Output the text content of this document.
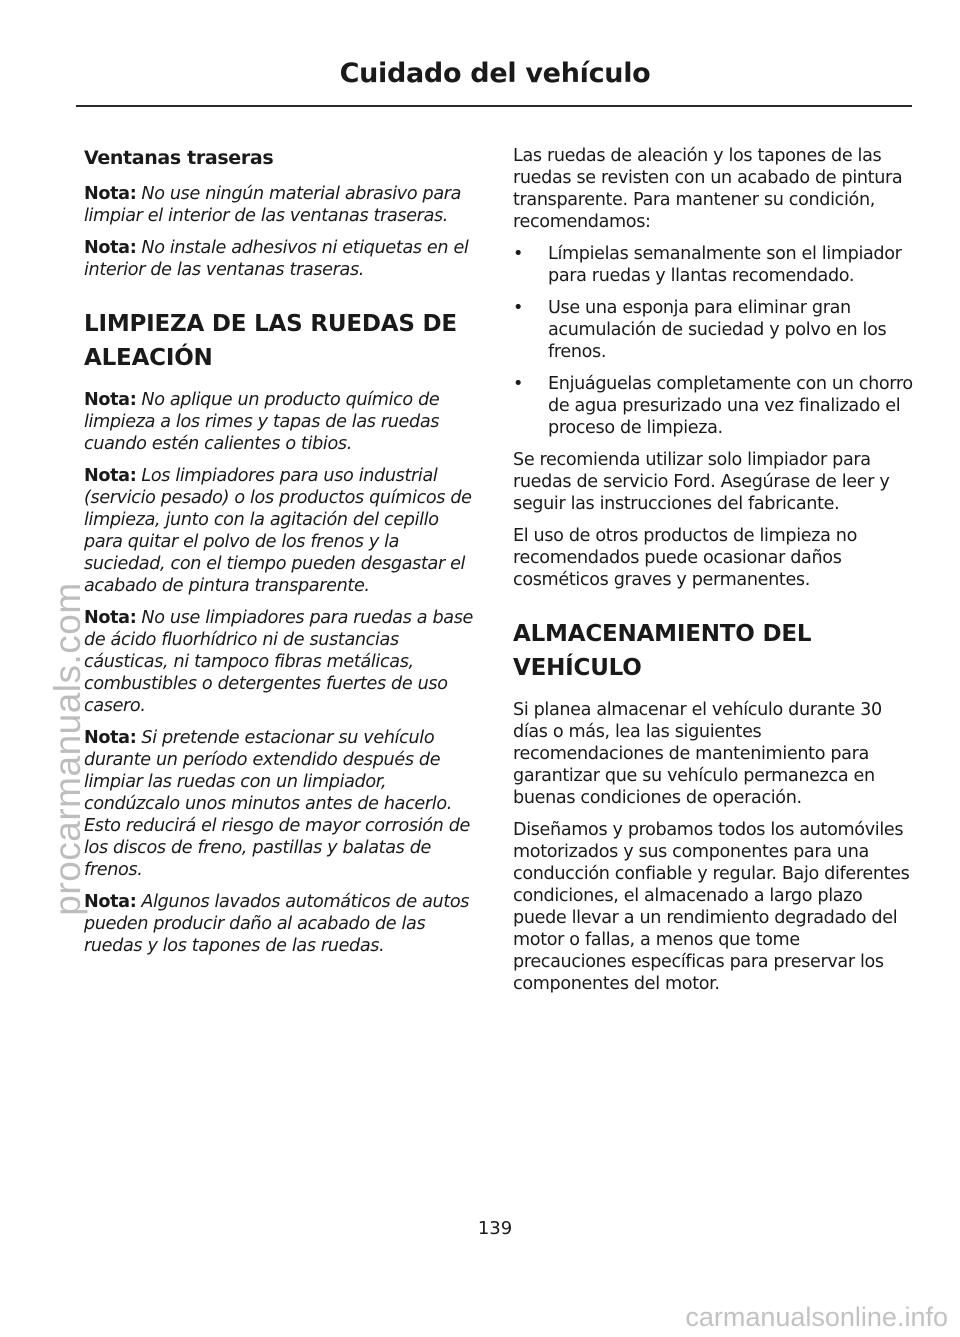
Cuidado del vehículo
Ventanas traseras

Nota: No use ningún material abrasivo para limpiar el interior de las ventanas traseras.

Nota: No instale adhesivos ni etiquetas en el interior de las ventanas traseras.

LIMPIEZA DE LAS RUEDAS DE ALEACIÓN

Nota: No aplique un producto químico de limpieza a los rimes y tapas de las ruedas cuando estén calientes o tibios.

Nota: Los limpiadores para uso industrial (servicio pesado) o los productos químicos de limpieza, junto con la agitación del cepillo para quitar el polvo de los frenos y la suciedad, con el tiempo pueden desgastar el acabado de pintura transparente.

Nota: No use limpiadores para ruedas a base de ácido fluorhídrico ni de sustancias cáusticas, ni tampoco fibras metálicas, combustibles o detergentes fuertes de uso casero.

Nota: Si pretende estacionar su vehículo durante un período extendido después de limpiar las ruedas con un limpiador, condúzcalo unos minutos antes de hacerlo. Esto reducirá el riesgo de mayor corrosión de los discos de freno, pastillas y balatas de frenos.

Nota: Algunos lavados automáticos de autos pueden producir daño al acabado de las ruedas y los tapones de las ruedas.

Las ruedas de aleación y los tapones de las ruedas se revisten con un acabado de pintura transparente. Para mantener su condición, recomendamos:

•	Límpielas semanalmente son el limpiador para ruedas y llantas recomendado.
•	Use una esponja para eliminar gran acumulación de suciedad y polvo en los frenos.
•	Enjuáguelas completamente con un chorro de agua presurizado una vez finalizado el proceso de limpieza.

Se recomienda utilizar solo limpiador para ruedas de servicio Ford. Asegúrase de leer y seguir las instrucciones del fabricante.

El uso de otros productos de limpieza no recomendados puede ocasionar daños cosméticos graves y permanentes.

ALMACENAMIENTO DEL VEHÍCULO

Si planea almacenar el vehículo durante 30 días o más, lea las siguientes recomendaciones de mantenimiento para garantizar que su vehículo permanezca en buenas condiciones de operación.

Diseñamos y probamos todos los automóviles motorizados y sus componentes para una conducción confiable y regular. Bajo diferentes condiciones, el almacenado a largo plazo puede llevar a un rendimiento degradado del motor o fallas, a menos que tome precauciones específicas para preservar los componentes del motor.

139
procarmanuals.com
carmanualsonline.info
